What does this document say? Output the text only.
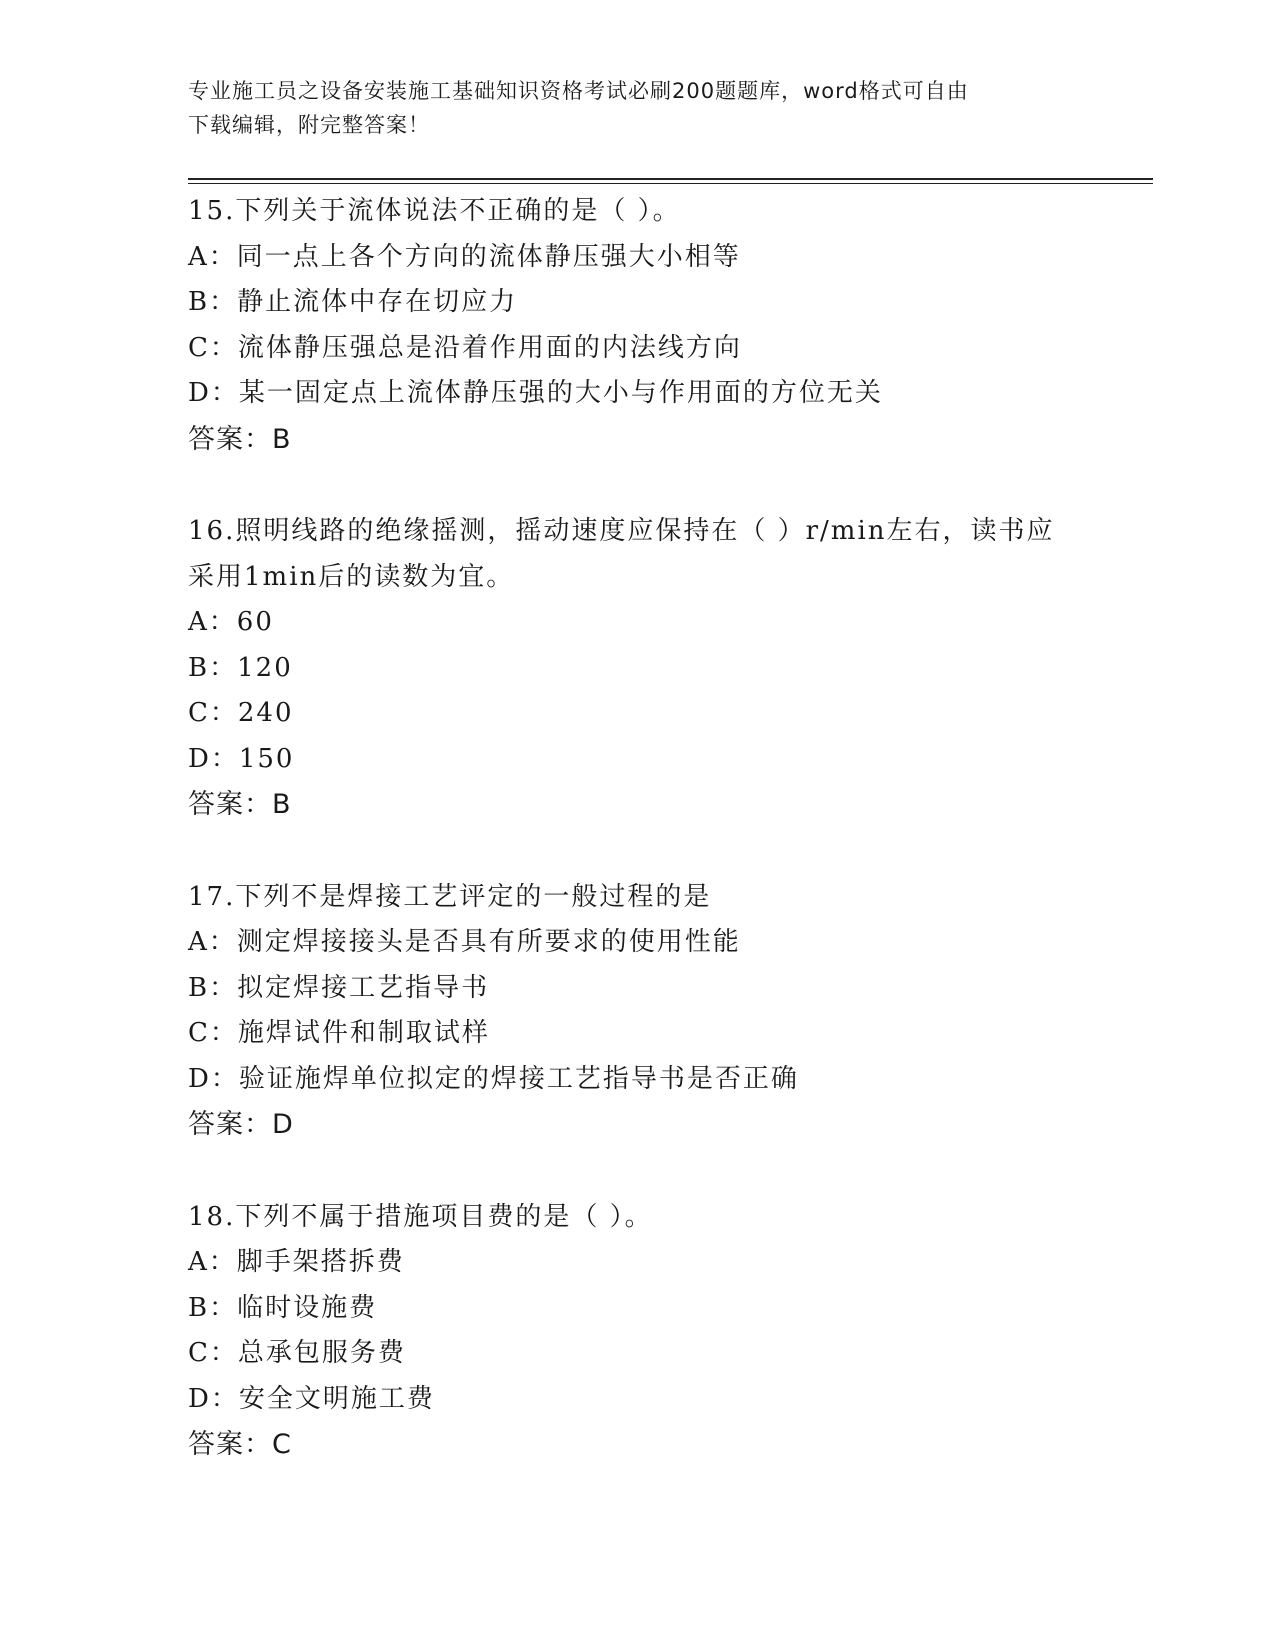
专业施工员之设备安装施工基础知识资格考试必刷200题题库，word格式可自由
下载编辑，附完整答案！
15.下列关于流体说法不正确的是（ ）。
A：同一点上各个方向的流体静压强大小相等
B：静止流体中存在切应力
C：流体静压强总是沿着作用面的内法线方向
D：某一固定点上流体静压强的大小与作用面的方位无关
答案：B
16.照明线路的绝缘摇测，摇动速度应保持在（ ）r/min左右，读书应
采用1min后的读数为宜。
A：60
B：120
C：240
D：150
答案：B
17.下列不是焊接工艺评定的一般过程的是
A：测定焊接接头是否具有所要求的使用性能
B：拟定焊接工艺指导书
C：施焊试件和制取试样
D：验证施焊单位拟定的焊接工艺指导书是否正确
答案：D
18.下列不属于措施项目费的是（ ）。
A：脚手架搭拆费
B：临时设施费
C：总承包服务费
D：安全文明施工费
答案：C
